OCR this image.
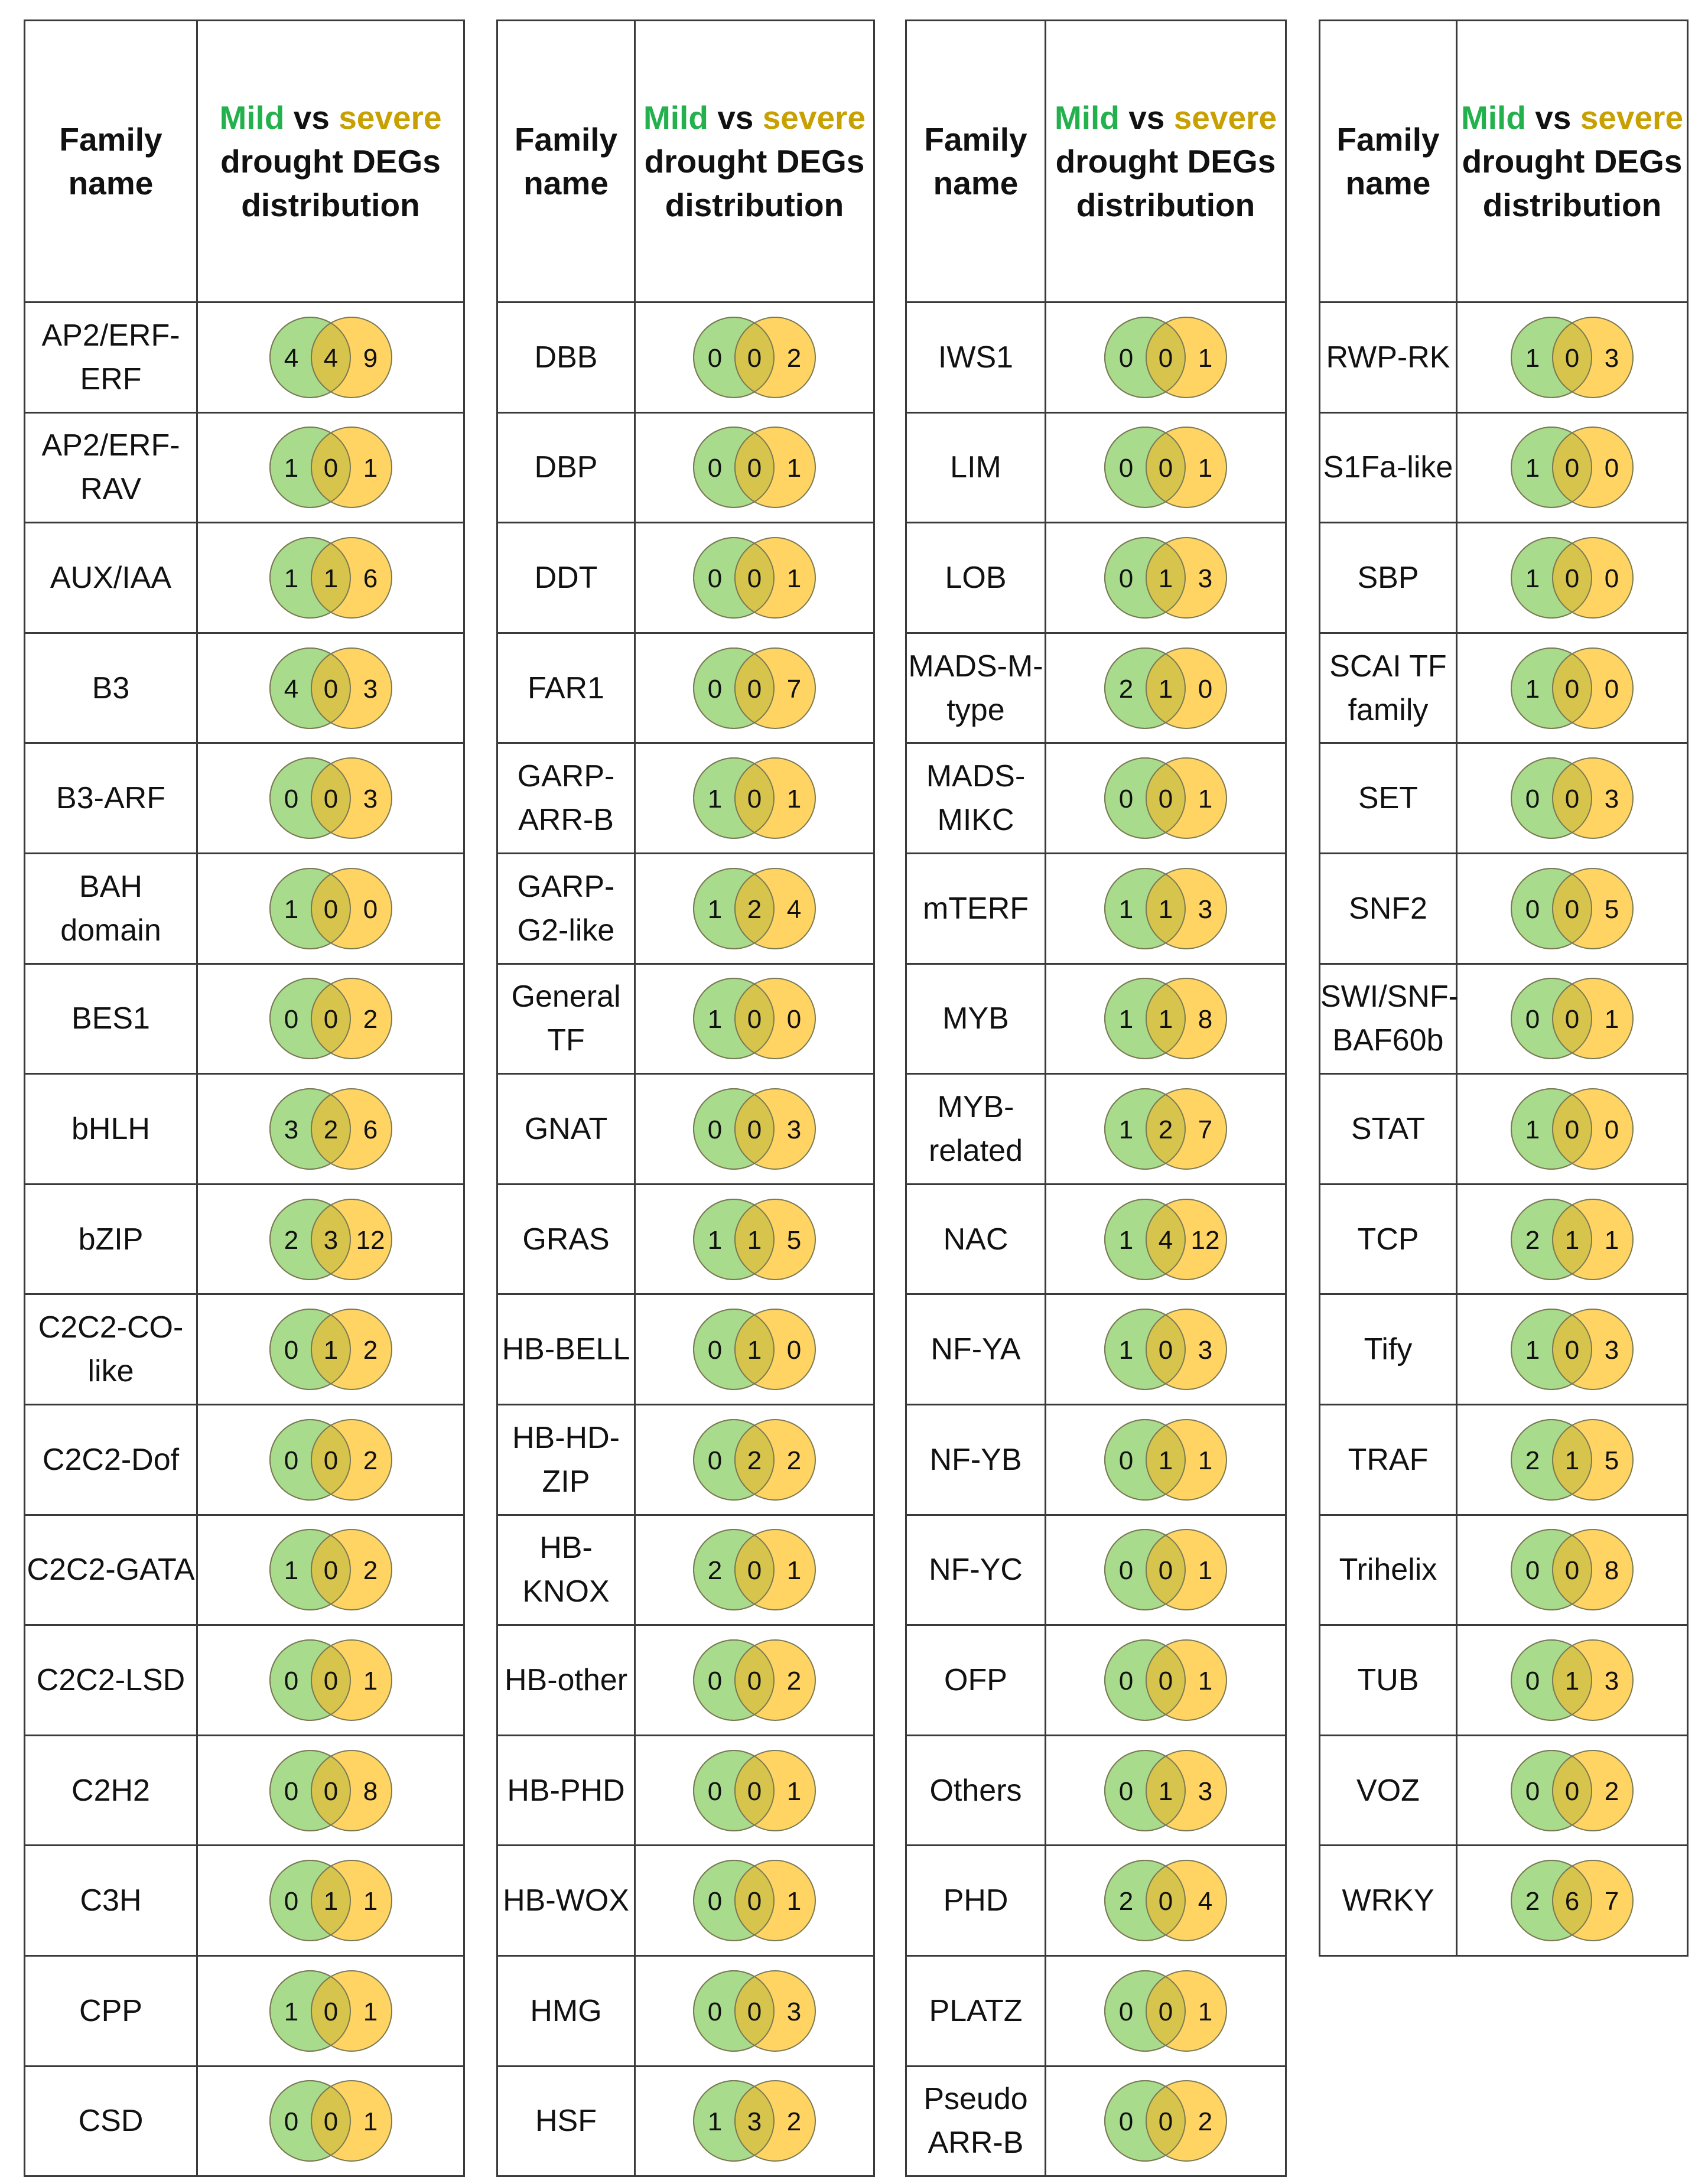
Family name	Mild vs severe
drought DEGs distribution
AP2/ERF-ERF	4 4 9

AP2/ERF-RAV	1 0 1

AUX/IAA	1 1 6

B3	4 0 3

B3-ARF	0 0 3

BAH domain	1 0 0

BES1	0 0 2

bHLH	3 2 6

bZIP	2 3 12

C2C2-CO-like	0 1 2

C2C2-Dof	0 0 2

C2C2-GATA	1 0 2

C2C2-LSD	0 0 1

C2H2	0 0 8

C3H	0 1 1

CPP	1 0 1

CSD	0 0 1
Family name	Mild vs severe
drought DEGs distribution
DBB	0 0 2

DBP	0 0 1

DDT	0 0 1

FAR1	0 0 7

GARP-ARR-B	1 0 1

GARP-G2-like	1 2 4

General TF	1 0 0

GNAT	0 0 3

GRAS	1 1 5

HB-BELL	0 1 0

HB-HD-ZIP	0 2 2

HB-KNOX	2 0 1

HB-other	0 0 2

HB-PHD	0 0 1

HB-WOX	0 0 1

HMG	0 0 3

HSF	1 3 2
Family name	Mild vs severe
drought DEGs distribution
IWS1	0 0 1

LIM	0 0 1

LOB	0 1 3

MADS-M-type	2 1 0

MADS-MIKC	0 0 1

mTERF	1 1 3

MYB	1 1 8

MYB-related	1 2 7

NAC	1 4 12

NF-YA	1 0 3

NF-YB	0 1 1

NF-YC	0 0 1

OFP	0 0 1

Others	0 1 3

PHD	2 0 4

PLATZ	0 0 1

Pseudo ARR-B	0 0 2
Family name	Mild vs severe
drought DEGs distribution
RWP-RK	1 0 3

S1Fa-like	1 0 0

SBP	1 0 0

SCAI TF family	1 0 0

SET	0 0 3

SNF2	0 0 5

SWI/SNF-BAF60b	0 0 1

STAT	1 0 0

TCP	2 1 1

Tify	1 0 3

TRAF	2 1 5

Trihelix	0 0 8

TUB	0 1 3

VOZ	0 0 2

WRKY	2 6 7
